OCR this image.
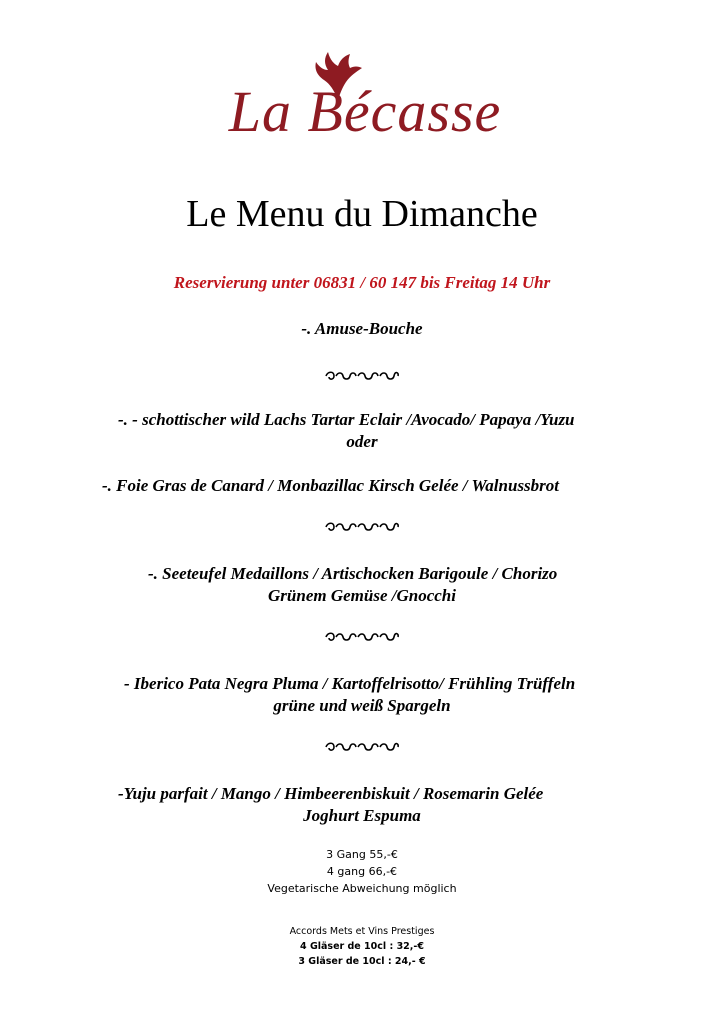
La Bécasse
Le Menu du Dimanche
Reservierung unter 06831 / 60 147 bis Freitag 14 Uhr
-. Amuse-Bouche
-. - schottischer wild Lachs Tartar Eclair /Avocado/ Papaya /Yuzu
oder
-. Foie Gras de Canard / Monbazillac Kirsch Gelée / Walnussbrot
-. Seeteufel Medaillons / Artischocken Barigoule / Chorizo
Grünem Gemüse /Gnocchi
- Iberico Pata Negra Pluma / Kartoffelrisotto/ Frühling Trüffeln
grüne und weiß Spargeln
-Yuju parfait / Mango / Himbeerenbiskuit / Rosemarin Gelée
Joghurt Espuma
3 Gang 55,-€
4 gang 66,-€
Vegetarische Abweichung möglich
Accords Mets et Vins Prestiges
4 Gläser de 10cl : 32,-€
3 Gläser de 10cl : 24,- €
